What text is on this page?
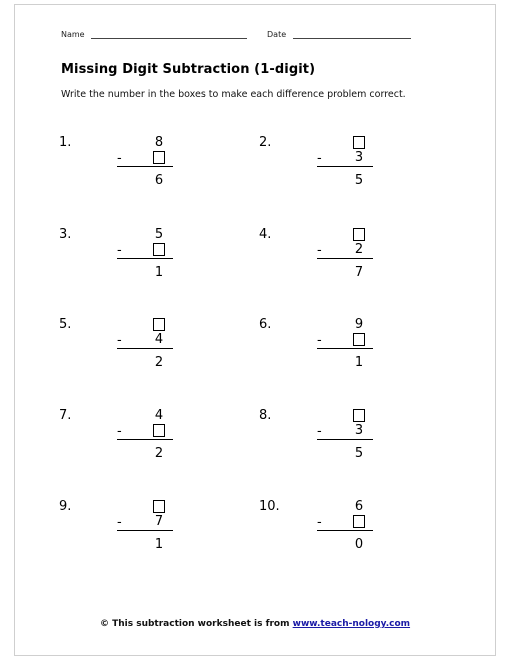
Name	Date
Missing Digit Subtraction (1-digit)
Write the number in the boxes to make each difference problem correct.
1.	8
-
6
2.
-	3
5
3.	5
-
1
4.
-	2
7
5.
-	4
2
6.	9
-
1
7.	4
-
2
8.
-	3
5
9.
-	7
1
10.	6
-
0
© This subtraction worksheet is from www.teach-nology.com
